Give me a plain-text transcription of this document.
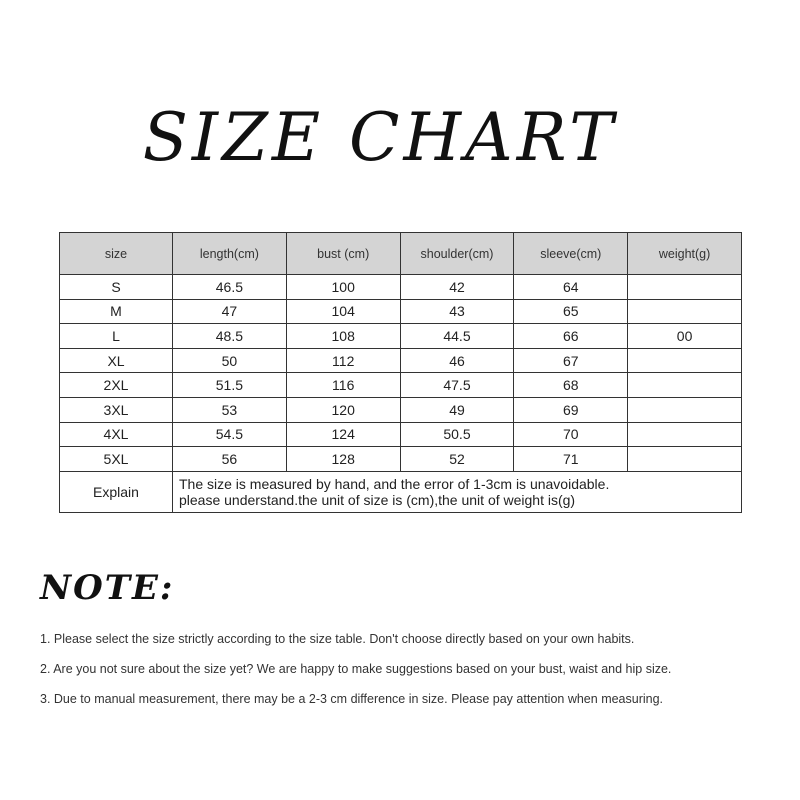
SIZE CHART
size	length(cm)	bust (cm)	shoulder(cm)	sleeve(cm)	weight(g)
S	46.5	100	42	64	
M	47	104	43	65	
L	48.5	108	44.5	66	00
XL	50	112	46	67	
2XL	51.5	116	47.5	68	
3XL	53	120	49	69	
4XL	54.5	124	50.5	70	
5XL	56	128	52	71	
Explain	The size is measured by hand, and the error of 1-3cm is unavoidable.
please understand.the unit of size is (cm),the unit of weight is(g)				
NOTE:
1. Please select the size strictly according to the size table. Don't choose directly based on your own habits.
2. Are you not sure about the size yet? We are happy to make suggestions based on your bust, waist and hip size.
3. Due to manual measurement, there may be a 2-3 cm difference in size. Please pay attention when measuring.
